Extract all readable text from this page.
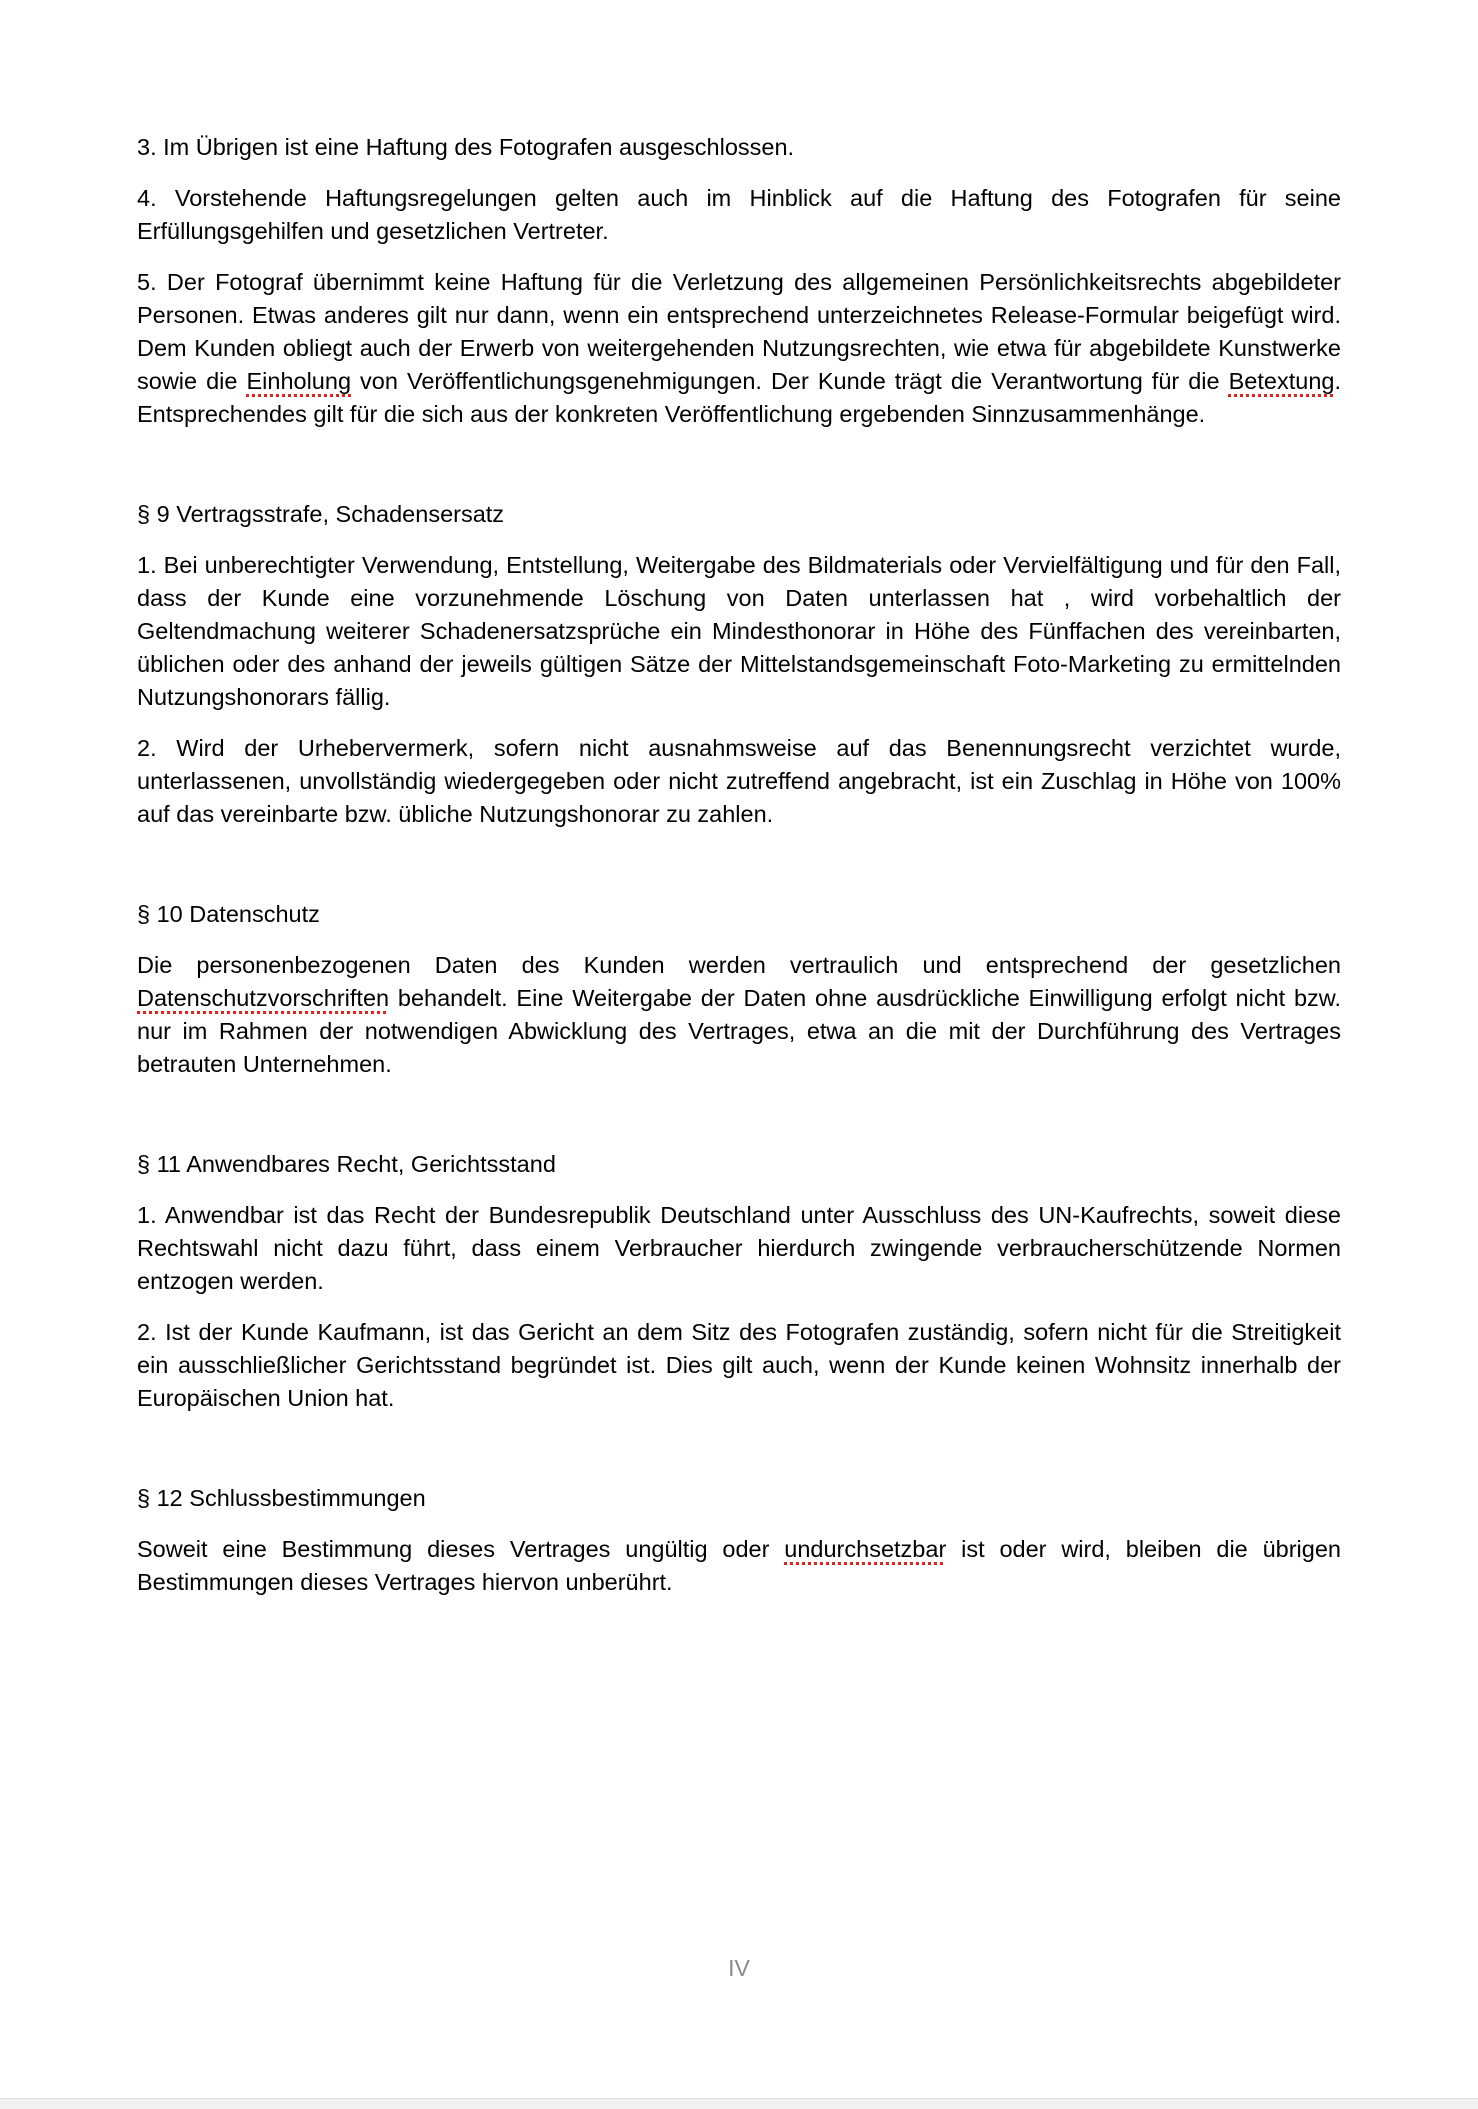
3. Im Übrigen ist eine Haftung des Fotografen ausgeschlossen.

4. Vorstehende Haftungsregelungen gelten auch im Hinblick auf die Haftung des Fotografen für seine Erfüllungsgehilfen und gesetzlichen Vertreter.

5. Der Fotograf übernimmt keine Haftung für die Verletzung des allgemeinen Persönlichkeitsrechts abgebildeter Personen. Etwas anderes gilt nur dann, wenn ein entsprechend unterzeichnetes Release-Formular beigefügt wird. Dem Kunden obliegt auch der Erwerb von weitergehenden Nutzungsrechten, wie etwa für abgebildete Kunstwerke sowie die Einholung von Veröffentlichungsgenehmigungen. Der Kunde trägt die Verantwortung für die Betextung. Entsprechendes gilt für die sich aus der konkreten Veröffentlichung ergebenden Sinnzusammenhänge.

§ 9 Vertragsstrafe, Schadensersatz

1. Bei unberechtigter Verwendung, Entstellung, Weitergabe des Bildmaterials oder Vervielfältigung und für den Fall, dass der Kunde eine vorzunehmende Löschung von Daten unterlassen hat , wird vorbehaltlich der Geltendmachung weiterer Schadenersatzsprüche ein Mindesthonorar in Höhe des Fünffachen des vereinbarten, üblichen oder des anhand der jeweils gültigen Sätze der Mittelstandsgemeinschaft Foto-Marketing zu ermittelnden Nutzungshonorars fällig.

2. Wird der Urhebervermerk, sofern nicht ausnahmsweise auf das Benennungsrecht verzichtet wurde, unterlassenen, unvollständig wiedergegeben oder nicht zutreffend angebracht, ist ein Zuschlag in Höhe von 100% auf das vereinbarte bzw. übliche Nutzungshonorar zu zahlen.

§ 10 Datenschutz

Die personenbezogenen Daten des Kunden werden vertraulich und entsprechend der gesetzlichen Datenschutzvorschriften behandelt. Eine Weitergabe der Daten ohne ausdrückliche Einwilligung erfolgt nicht bzw. nur im Rahmen der notwendigen Abwicklung des Vertrages, etwa an die mit der Durchführung des Vertrages betrauten Unternehmen.

§ 11 Anwendbares Recht, Gerichtsstand

1. Anwendbar ist das Recht der Bundesrepublik Deutschland unter Ausschluss des UN-Kaufrechts, soweit diese Rechtswahl nicht dazu führt, dass einem Verbraucher hierdurch zwingende verbraucherschützende Normen entzogen werden.

2. Ist der Kunde Kaufmann, ist das Gericht an dem Sitz des Fotografen zuständig, sofern nicht für die Streitigkeit ein ausschließlicher Gerichtsstand begründet ist. Dies gilt auch, wenn der Kunde keinen Wohnsitz innerhalb der Europäischen Union hat.

§ 12 Schlussbestimmungen

Soweit eine Bestimmung dieses Vertrages ungültig oder undurchsetzbar ist oder wird, bleiben die übrigen Bestimmungen dieses Vertrages hiervon unberührt.

IV
